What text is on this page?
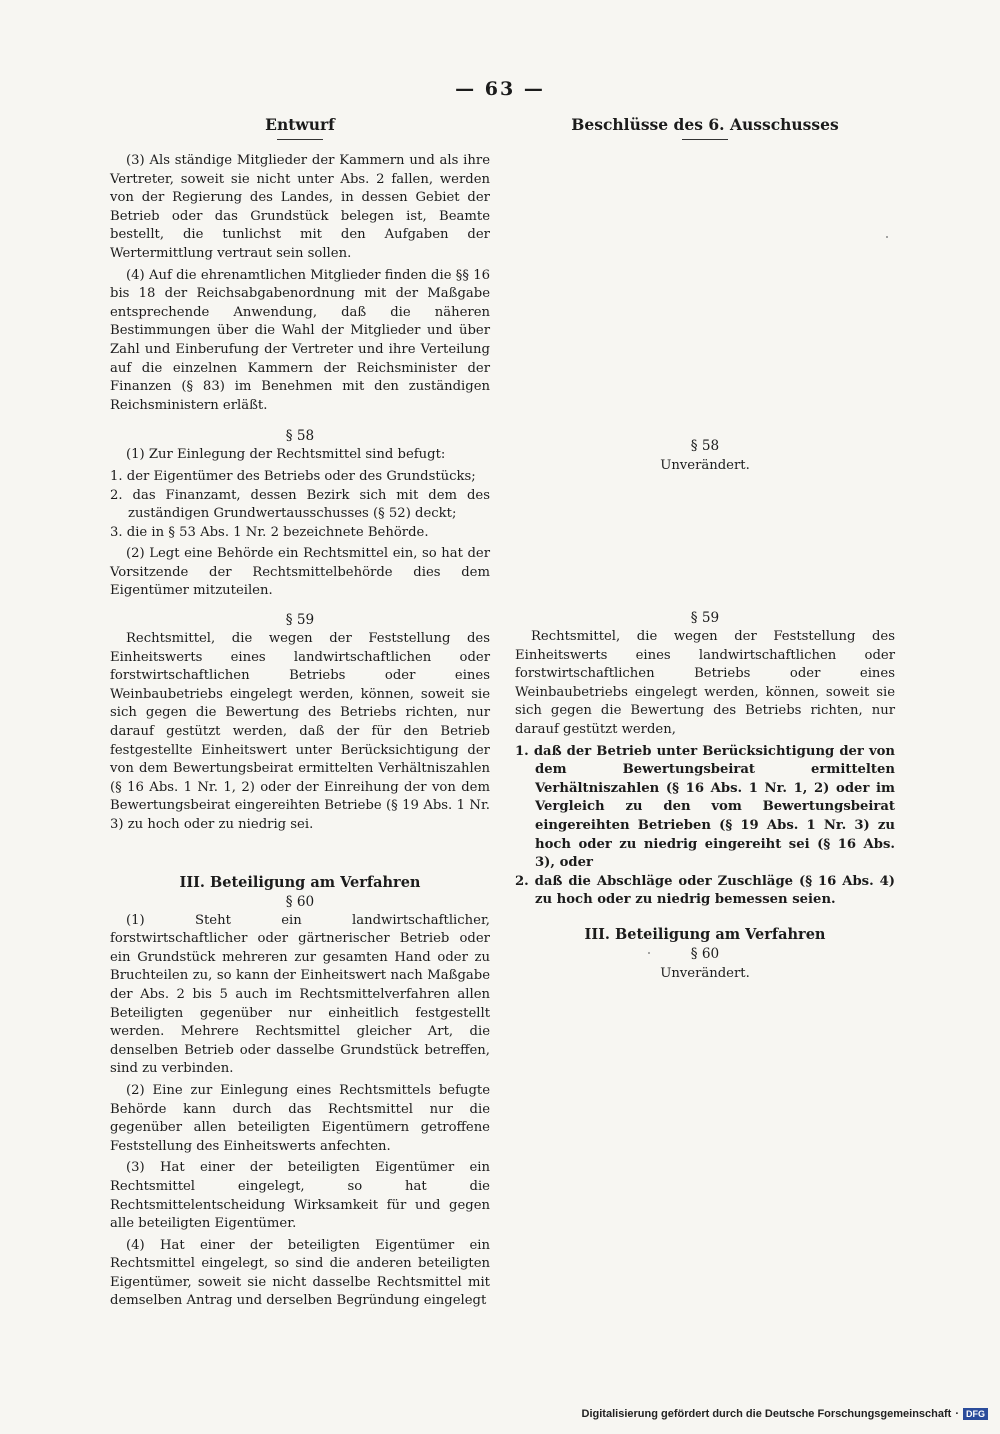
— 63 —
Entwurf

(3) Als ständige Mitglieder der Kammern und als ihre Vertreter, soweit sie nicht unter Abs. 2 fallen, werden von der Regierung des Landes, in dessen Gebiet der Betrieb oder das Grundstück belegen ist, Beamte bestellt, die tunlichst mit den Aufgaben der Wertermittlung vertraut sein sollen.

(4) Auf die ehrenamtlichen Mitglieder finden die §§ 16 bis 18 der Reichsabgabenordnung mit der Maßgabe entsprechende Anwendung, daß die näheren Bestimmungen über die Wahl der Mitglieder und über Zahl und Einberufung der Vertreter und ihre Verteilung auf die einzelnen Kammern der Reichsminister der Finanzen (§ 83) im Benehmen mit den zuständigen Reichsministern erläßt.

§ 58

(1) Zur Einlegung der Rechtsmittel sind befugt:

1. der Eigentümer des Betriebs oder des Grundstücks;
2. das Finanzamt, dessen Bezirk sich mit dem des zuständigen Grundwertausschusses (§ 52) deckt;
3. die in § 53 Abs. 1 Nr. 2 bezeichnete Behörde.

(2) Legt eine Behörde ein Rechtsmittel ein, so hat der Vorsitzende der Rechtsmittelbehörde dies dem Eigentümer mitzuteilen.

§ 59

Rechtsmittel, die wegen der Feststellung des Einheitswerts eines landwirtschaftlichen oder forstwirtschaftlichen Betriebs oder eines Weinbaubetriebs eingelegt werden, können, soweit sie sich gegen die Bewertung des Betriebs richten, nur darauf gestützt werden, daß der für den Betrieb festgestellte Einheitswert unter Berücksichtigung der von dem Bewertungsbeirat ermittelten Verhältniszahlen (§ 16 Abs. 1 Nr. 1, 2) oder der Einreihung der von dem Bewertungsbeirat eingereihten Betriebe (§ 19 Abs. 1 Nr. 3) zu hoch oder zu niedrig sei.

III. Beteiligung am Verfahren

§ 60

(1) Steht ein landwirtschaftlicher, forstwirtschaftlicher oder gärtnerischer Betrieb oder ein Grundstück mehreren zur gesamten Hand oder zu Bruchteilen zu, so kann der Einheitswert nach Maßgabe der Abs. 2 bis 5 auch im Rechtsmittelverfahren allen Beteiligten gegenüber nur einheitlich festgestellt werden. Mehrere Rechtsmittel gleicher Art, die denselben Betrieb oder dasselbe Grundstück betreffen, sind zu verbinden.

(2) Eine zur Einlegung eines Rechtsmittels befugte Behörde kann durch das Rechtsmittel nur die gegenüber allen beteiligten Eigentümern getroffene Feststellung des Einheitswerts anfechten.

(3) Hat einer der beteiligten Eigentümer ein Rechtsmittel eingelegt, so hat die Rechtsmittelentscheidung Wirksamkeit für und gegen alle beteiligten Eigentümer.

(4) Hat einer der beteiligten Eigentümer ein Rechtsmittel eingelegt, so sind die anderen beteiligten Eigentümer, soweit sie nicht dasselbe Rechtsmittel mit demselben Antrag und derselben Begründung eingelegt

Beschlüsse des 6. Ausschusses

§ 58

Unverändert.

§ 59

Rechtsmittel, die wegen der Feststellung des Einheitswerts eines landwirtschaftlichen oder forstwirtschaftlichen Betriebs oder eines Weinbaubetriebs eingelegt werden, können, soweit sie sich gegen die Bewertung des Betriebs richten, nur darauf gestützt werden,

1. daß der Betrieb unter Berücksichtigung der von dem Bewertungsbeirat ermittelten Verhältniszahlen (§ 16 Abs. 1 Nr. 1, 2) oder im Vergleich zu den vom Bewertungsbeirat eingereihten Betrieben (§ 19 Abs. 1 Nr. 3) zu hoch oder zu niedrig eingereiht sei (§ 16 Abs. 3), oder
2. daß die Abschläge oder Zuschläge (§ 16 Abs. 4) zu hoch oder zu niedrig bemessen seien.

III. Beteiligung am Verfahren

§ 60

Unverändert.

Digitalisierung gefördert durch die Deutsche Forschungsgemeinschaft · DFG
